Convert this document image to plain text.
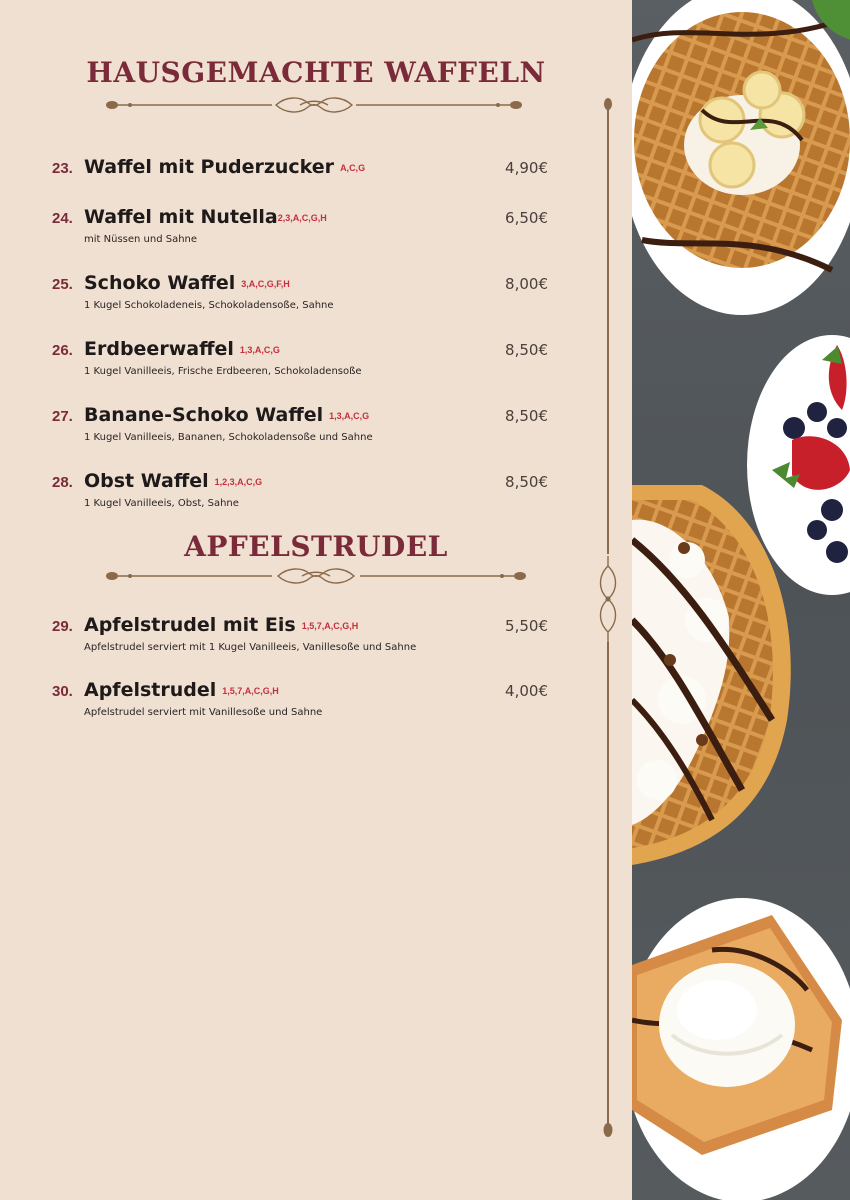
HAUSGEMACHTE WAFFELN
23. Waffel mit Puderzucker A,C,G	4,90€
24. Waffel mit Nutella2,3,A,C,G,H
mit Nüssen und Sahne
6,50€
25. Schoko Waffel 3,A,C,G,F,H
1 Kugel Schokoladeneis, Schokoladensoße, Sahne
8,00€
26. Erdbeerwaffel 1,3,A,C,G
1 Kugel Vanilleeis, Frische Erdbeeren, Schokoladensoße
8,50€
27. Banane-Schoko Waffel 1,3,A,C,G
1 Kugel Vanilleeis, Bananen, Schokoladensoße und Sahne
8,50€
28. Obst Waffel 1,2,3,A,C,G
1 Kugel Vanilleeis, Obst, Sahne
8,50€
APFELSTRUDEL
29. Apfelstrudel mit Eis 1,5,7,A,C,G,H
Apfelstrudel serviert mit 1 Kugel Vanilleeis, Vanillesoße und Sahne
5,50€
30. Apfelstrudel 1,5,7,A,C,G,H
Apfelstrudel serviert mit Vanillesoße und Sahne
4,00€
